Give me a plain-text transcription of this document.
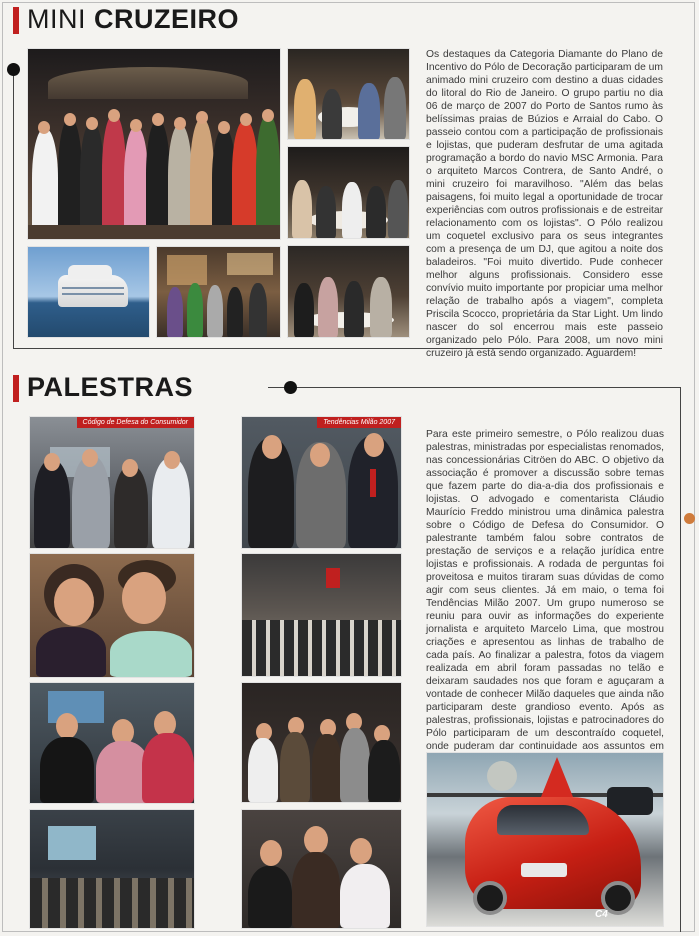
MINI CRUZEIRO

Os destaques da Categoria Diamante do Plano de Incentivo do Pólo de Decoração participaram de um animado mini cruzeiro com destino a duas cidades do litoral do Rio de Janeiro. O grupo partiu no dia 06 de março de 2007 do Porto de Santos rumo às belíssimas praias de Búzios e Arraial do Cabo. O passeio contou com a participação de profissionais e lojistas, que puderam desfrutar de uma agitada programação a bordo do navio MSC Armonia. Para o arquiteto Marcos Contrera, de Santo André, o mini cruzeiro foi maravilhoso. "Além das belas paisagens, foi muito legal a oportunidade de trocar experiências com outros profissionais e de estreitar relacionamento com os lojistas". O Pólo realizou um coquetel exclusivo para os seus integrantes com a presença de um DJ, que agitou a noite dos baladeiros. "Foi muito divertido. Pude conhecer melhor alguns profissionais. Considero esse convívio muito importante por propiciar uma melhor relação de trabalho após a viagem", completa Priscila Scocco, proprietária da Star Light. Um lindo nascer do sol encerrou mais este passeio organizado pelo Pólo. Para 2008, um novo mini cruzeiro já está sendo organizado. Aguardem!

PALESTRAS
Código de Defesa do Consumidor	Tendências Milão 2007

Para este primeiro semestre, o Pólo realizou duas palestras, ministradas por especialistas renomados, nas concessionárias Citröen do ABC. O objetivo da associação é promover a discussão sobre temas que fazem parte do dia-a-dia dos profissionais e lojistas. O advogado e comentarista Cláudio Maurício Freddo ministrou uma dinâmica palestra sobre o Código de Defesa do Consumidor. O palestrante também falou sobre contratos de prestação de serviços e a relação jurídica entre lojistas e profissionais. A rodada de perguntas foi proveitosa e muitos tiraram suas dúvidas de como agir com seus clientes. Já em maio, o tema foi Tendências Milão 2007. Um grupo numeroso se reuniu para ouvir as informações do experiente jornalista e arquiteto Marcelo Lima, que mostrou criações e apresentou as linhas de trabalho de cada país. Ao finalizar a palestra, fotos da viagem realizada em abril foram passadas no telão e deixaram saudades nos que foram e aguçaram a vontade de conhecer Milão daqueles que ainda não participaram deste grandioso evento. Após as palestras, profissionais, lojistas e patrocinadores do Pólo participaram de um descontraído coquetel, onde puderam dar continuidade aos assuntos em

C4
